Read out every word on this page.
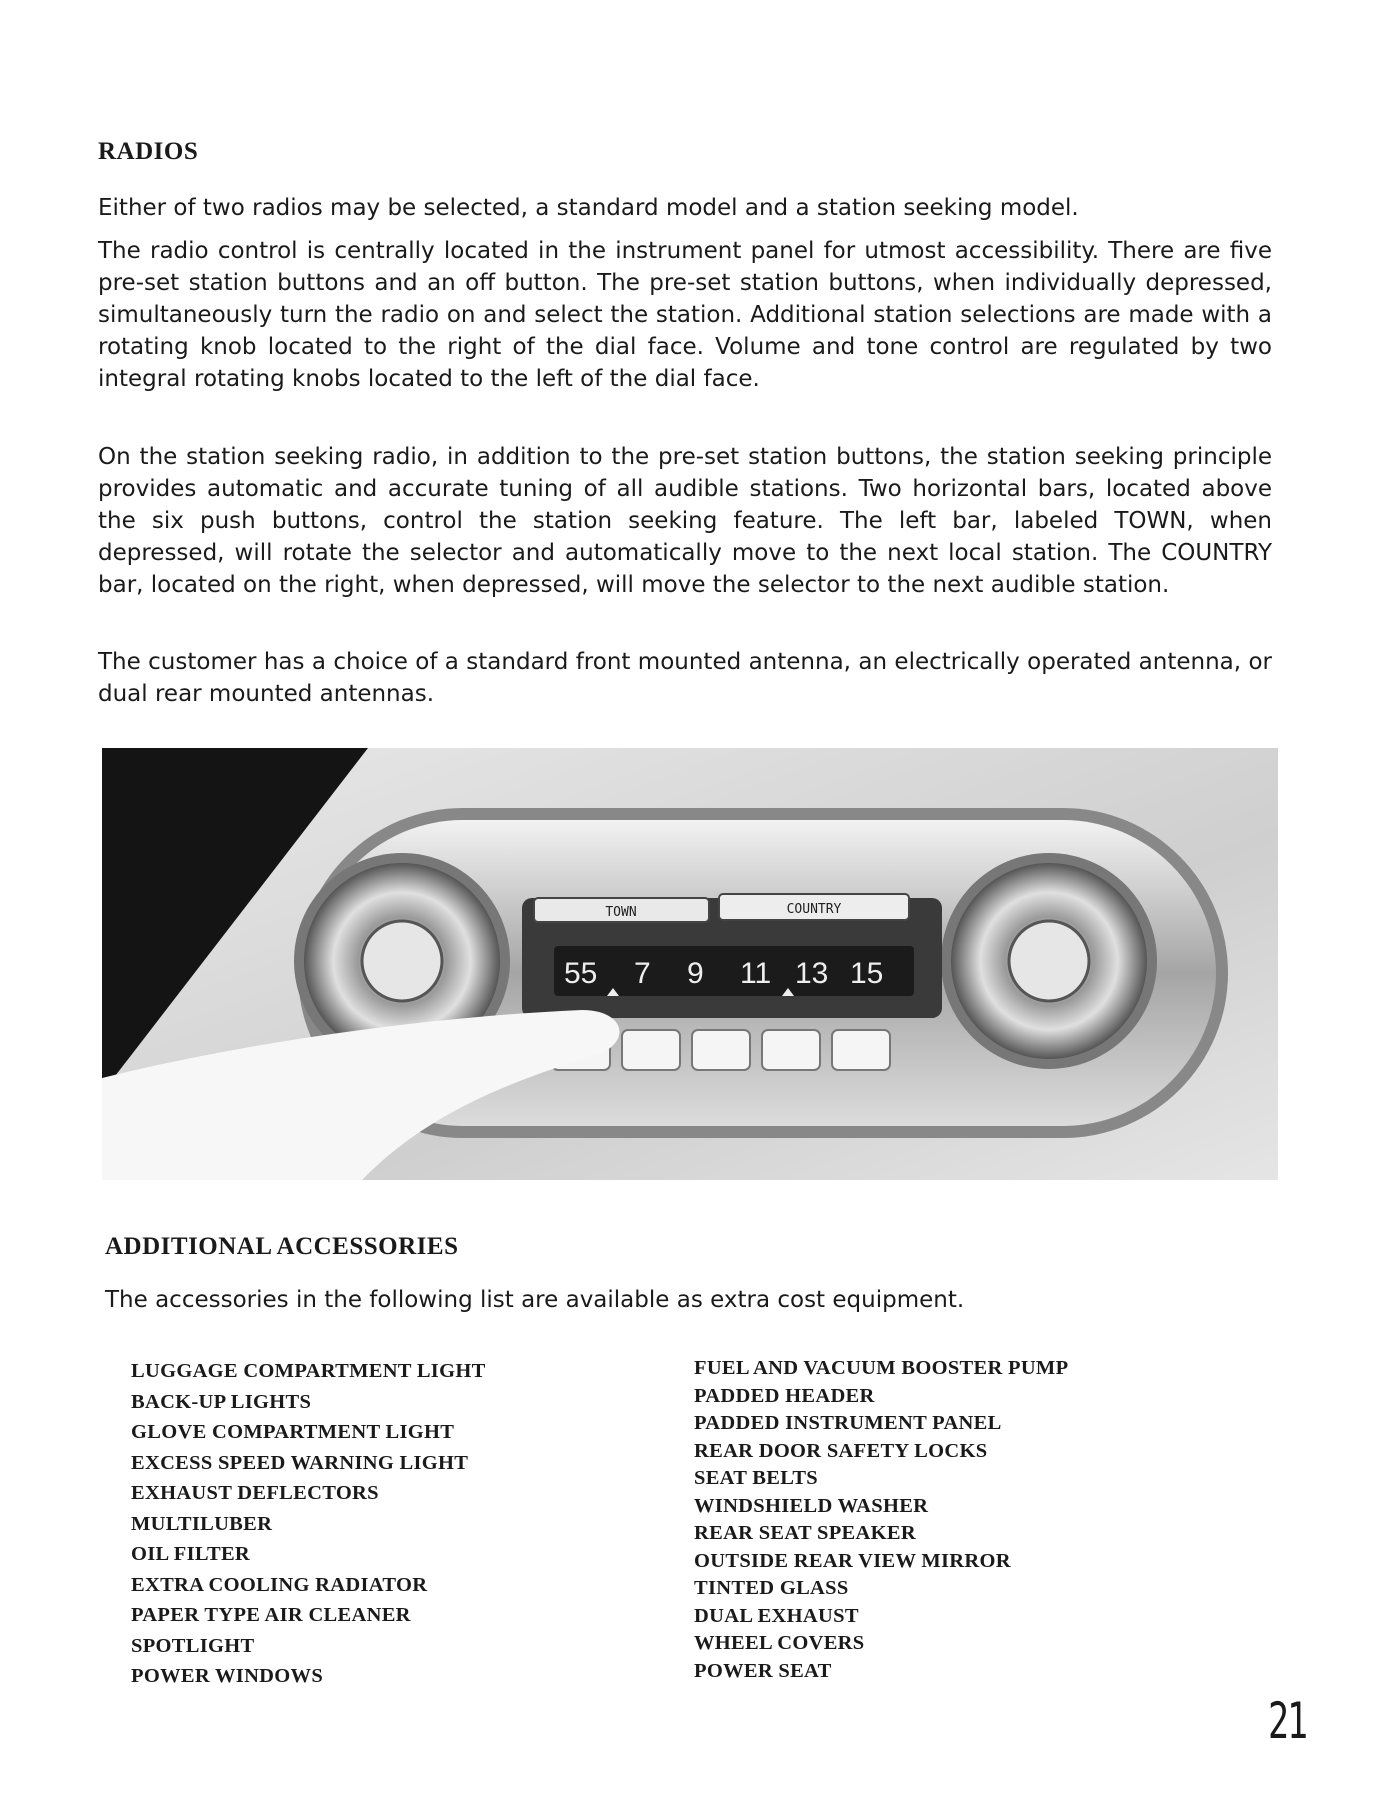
RADIOS

Either of two radios may be selected, a standard model and a station seeking model.

The radio control is centrally located in the instrument panel for utmost accessibility. There are five pre-set station buttons and an off button. The pre-set station buttons, when individually depressed, simultaneously turn the radio on and select the station. Additional station selections are made with a rotating knob located to the right of the dial face. Volume and tone control are regulated by two integral rotating knobs located to the left of the dial face.

On the station seeking radio, in addition to the pre-set station buttons, the station seeking principle provides automatic and accurate tuning of all audible stations. Two horizontal bars, located above the six push buttons, control the station seeking feature. The left bar, labeled TOWN, when depressed, will rotate the selector and automatically move to the next local station. The COUNTRY bar, located on the right, when depressed, will move the selector to the next audible station.

The customer has a choice of a standard front mounted antenna, an electrically operated antenna, or dual rear mounted antennas.

TOWN	COUNTRY
55 7 9 11 13 15
ADDITIONAL ACCESSORIES

The accessories in the following list are available as extra cost equipment.

LUGGAGE COMPARTMENT LIGHT
BACK-UP LIGHTS
GLOVE COMPARTMENT LIGHT
EXCESS SPEED WARNING LIGHT
EXHAUST DEFLECTORS
MULTILUBER
OIL FILTER
EXTRA COOLING RADIATOR
PAPER TYPE AIR CLEANER
SPOTLIGHT
POWER WINDOWS
FUEL AND VACUUM BOOSTER PUMP
PADDED HEADER
PADDED INSTRUMENT PANEL
REAR DOOR SAFETY LOCKS
SEAT BELTS
WINDSHIELD WASHER
REAR SEAT SPEAKER
OUTSIDE REAR VIEW MIRROR
TINTED GLASS
DUAL EXHAUST
WHEEL COVERS
POWER SEAT
21
